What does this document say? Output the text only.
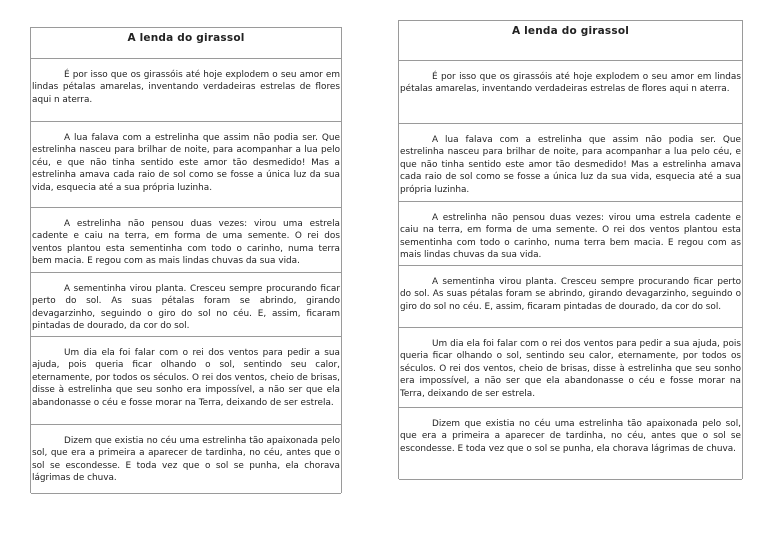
A lenda do girassol
É por isso que os girassóis até hoje explodem o seu amor em lindas pétalas amarelas, inventando verdadeiras estrelas de flores aqui n aterra.
A lua falava com a estrelinha que assim não podia ser. Que estrelinha nasceu para brilhar de noite, para acompanhar a lua pelo céu, e que não tinha sentido este amor tão desmedido! Mas a estrelinha amava cada raio de sol como se fosse a única luz da sua vida, esquecia até a sua própria luzinha.
A estrelinha não pensou duas vezes: virou uma estrela cadente e caiu na terra, em forma de uma semente. O rei dos ventos plantou esta sementinha com todo o carinho, numa terra bem macia. E regou com as mais lindas chuvas da sua vida.
A sementinha virou planta. Cresceu sempre procurando ficar perto do sol. As suas pétalas foram se abrindo, girando devagarzinho, seguindo o giro do sol no céu. E, assim, ficaram pintadas de dourado, da cor do sol.
Um dia ela foi falar com o rei dos ventos para pedir a sua ajuda, pois queria ficar olhando o sol, sentindo seu calor, eternamente, por todos os séculos. O rei dos ventos, cheio de brisas, disse à estrelinha que seu sonho era impossível, a não ser que ela abandonasse o céu e fosse morar na Terra, deixando de ser estrela.
Dizem que existia no céu uma estrelinha tão apaixonada pelo sol, que era a primeira a aparecer de tardinha, no céu, antes que o sol se escondesse. E toda vez que o sol se punha, ela chorava lágrimas de chuva.
A lenda do girassol
É por isso que os girassóis até hoje explodem o seu amor em lindas pétalas amarelas, inventando verdadeiras estrelas de flores aqui n aterra.
A lua falava com a estrelinha que assim não podia ser. Que estrelinha nasceu para brilhar de noite, para acompanhar a lua pelo céu, e que não tinha sentido este amor tão desmedido! Mas a estrelinha amava cada raio de sol como se fosse a única luz da sua vida, esquecia até a sua própria luzinha.
A estrelinha não pensou duas vezes: virou uma estrela cadente e caiu na terra, em forma de uma semente. O rei dos ventos plantou esta sementinha com todo o carinho, numa terra bem macia. E regou com as mais lindas chuvas da sua vida.
A sementinha virou planta. Cresceu sempre procurando ficar perto do sol. As suas pétalas foram se abrindo, girando devagarzinho, seguindo o giro do sol no céu. E, assim, ficaram pintadas de dourado, da cor do sol.
Um dia ela foi falar com o rei dos ventos para pedir a sua ajuda, pois queria ficar olhando o sol, sentindo seu calor, eternamente, por todos os séculos. O rei dos ventos, cheio de brisas, disse à estrelinha que seu sonho era impossível, a não ser que ela abandonasse o céu e fosse morar na Terra, deixando de ser estrela.
Dizem que existia no céu uma estrelinha tão apaixonada pelo sol, que era a primeira a aparecer de tardinha, no céu, antes que o sol se escondesse. E toda vez que o sol se punha, ela chorava lágrimas de chuva.
